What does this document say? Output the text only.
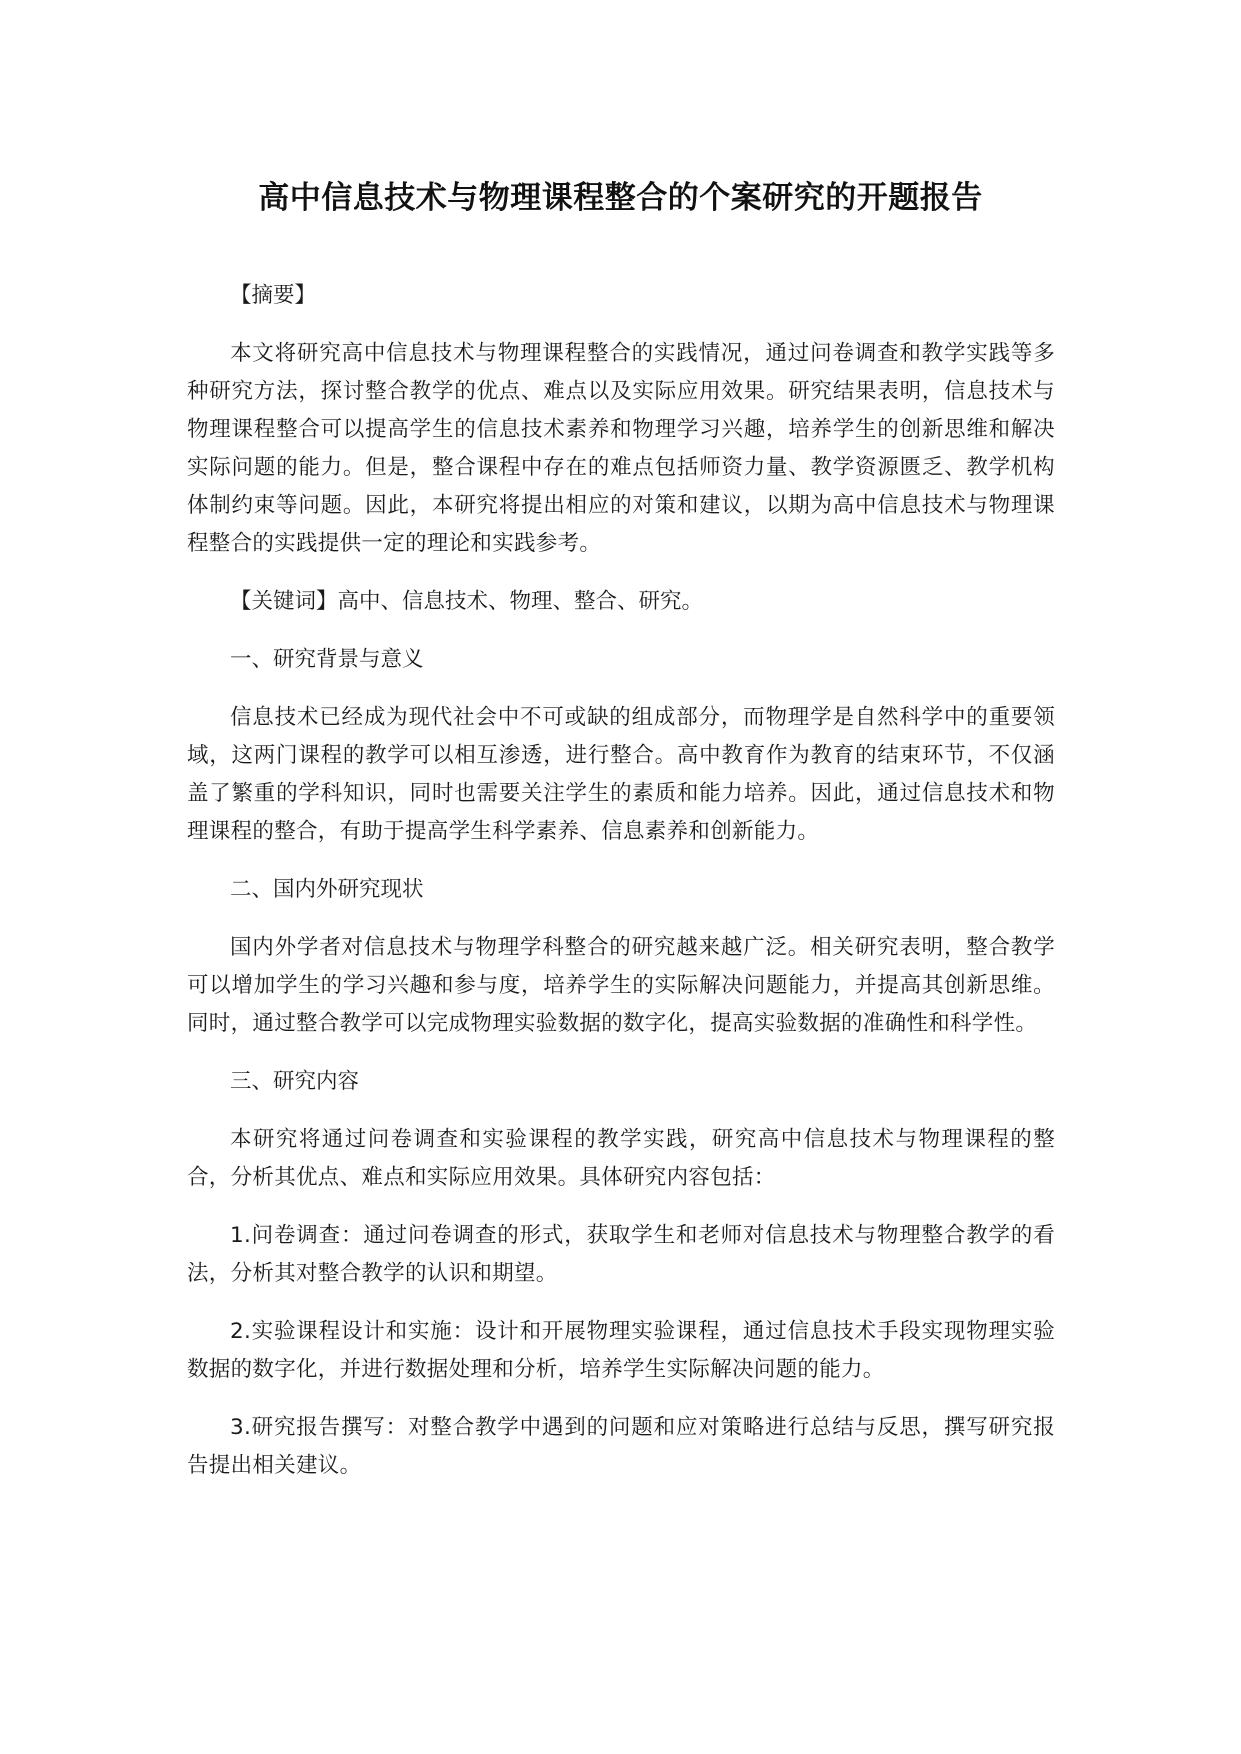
高中信息技术与物理课程整合的个案研究的开题报告

【摘要】

本文将研究高中信息技术与物理课程整合的实践情况，通过问卷调查和教学实践等多种研究方法，探讨整合教学的优点、难点以及实际应用效果。研究结果表明，信息技术与物理课程整合可以提高学生的信息技术素养和物理学习兴趣，培养学生的创新思维和解决实际问题的能力。但是，整合课程中存在的难点包括师资力量、教学资源匮乏、教学机构体制约束等问题。因此，本研究将提出相应的对策和建议，以期为高中信息技术与物理课程整合的实践提供一定的理论和实践参考。

【关键词】高中、信息技术、物理、整合、研究。

一、研究背景与意义

信息技术已经成为现代社会中不可或缺的组成部分，而物理学是自然科学中的重要领域，这两门课程的教学可以相互渗透，进行整合。高中教育作为教育的结束环节，不仅涵盖了繁重的学科知识，同时也需要关注学生的素质和能力培养。因此，通过信息技术和物理课程的整合，有助于提高学生科学素养、信息素养和创新能力。

二、国内外研究现状

国内外学者对信息技术与物理学科整合的研究越来越广泛。相关研究表明，整合教学可以增加学生的学习兴趣和参与度，培养学生的实际解决问题能力，并提高其创新思维。同时，通过整合教学可以完成物理实验数据的数字化，提高实验数据的准确性和科学性。

三、研究内容

本研究将通过问卷调查和实验课程的教学实践，研究高中信息技术与物理课程的整合，分析其优点、难点和实际应用效果。具体研究内容包括：

1.问卷调查：通过问卷调查的形式，获取学生和老师对信息技术与物理整合教学的看法，分析其对整合教学的认识和期望。

2.实验课程设计和实施：设计和开展物理实验课程，通过信息技术手段实现物理实验数据的数字化，并进行数据处理和分析，培养学生实际解决问题的能力。

3.研究报告撰写：对整合教学中遇到的问题和应对策略进行总结与反思，撰写研究报告提出相关建议。
